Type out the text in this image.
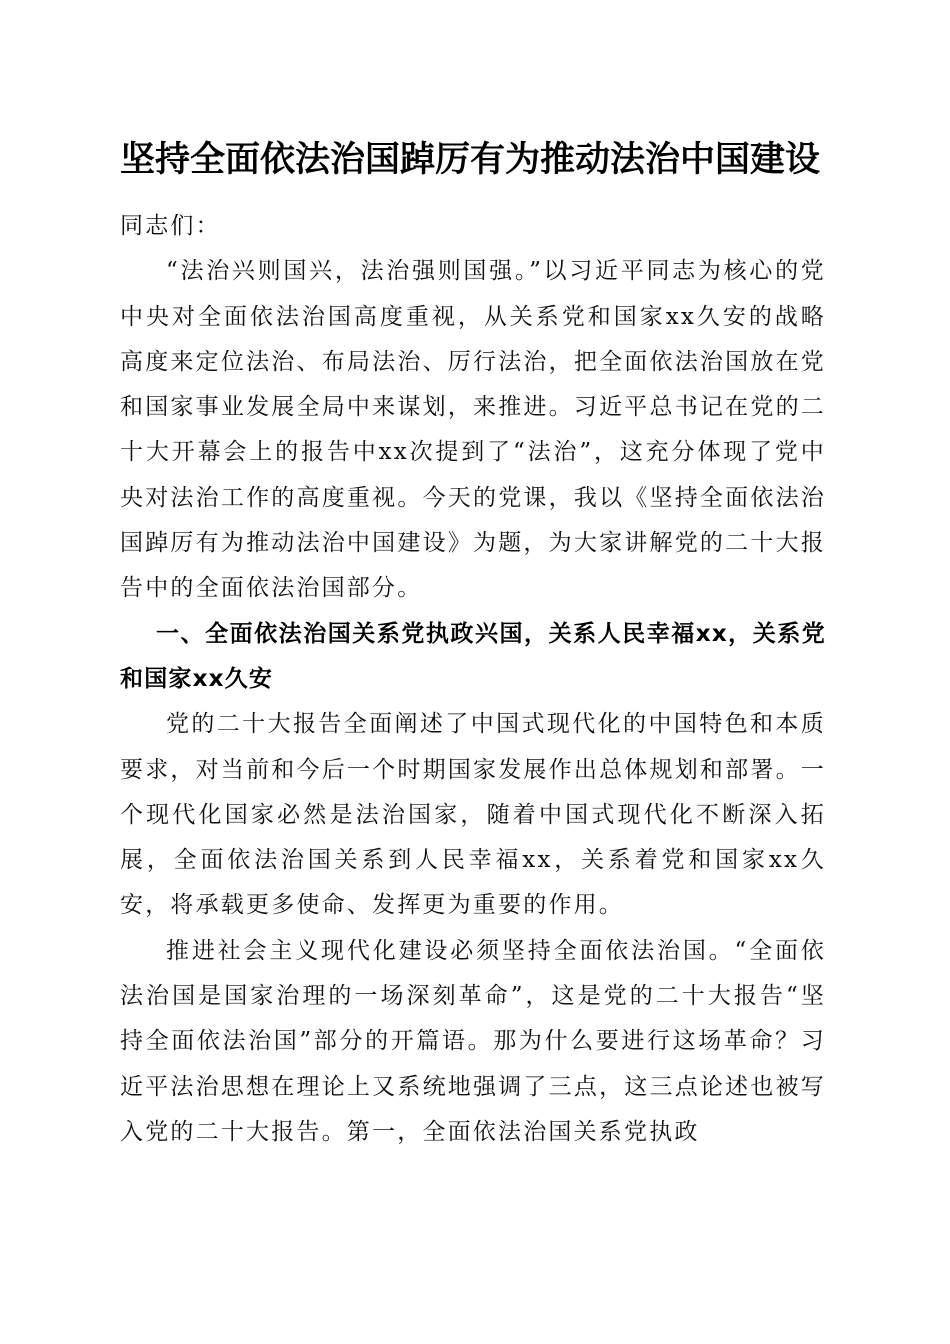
坚持全面依法治国踔厉有为推动法治中国建设

同志们：

“法治兴则国兴，法治强则国强。”以习近平同志为核心的党中央对全面依法治国高度重视，从关系党和国家xx久安的战略高度来定位法治、布局法治、厉行法治，把全面依法治国放在党和国家事业发展全局中来谋划，来推进。习近平总书记在党的二十大开幕会上的报告中xx次提到了“法治”，这充分体现了党中央对法治工作的高度重视。今天的党课，我以《坚持全面依法治国踔厉有为推动法治中国建设》为题，为大家讲解党的二十大报告中的全面依法治国部分。

一、全面依法治国关系党执政兴国，关系人民幸福xx，关系党和国家xx久安

党的二十大报告全面阐述了中国式现代化的中国特色和本质要求，对当前和今后一个时期国家发展作出总体规划和部署。一个现代化国家必然是法治国家，随着中国式现代化不断深入拓展，全面依法治国关系到人民幸福xx，关系着党和国家xx久安，将承载更多使命、发挥更为重要的作用。

推进社会主义现代化建设必须坚持全面依法治国。“全面依法治国是国家治理的一场深刻革命”，这是党的二十大报告“坚持全面依法治国”部分的开篇语。那为什么要进行这场革命？习近平法治思想在理论上又系统地强调了三点，这三点论述也被写入党的二十大报告。第一，全面依法治国关系党执政
